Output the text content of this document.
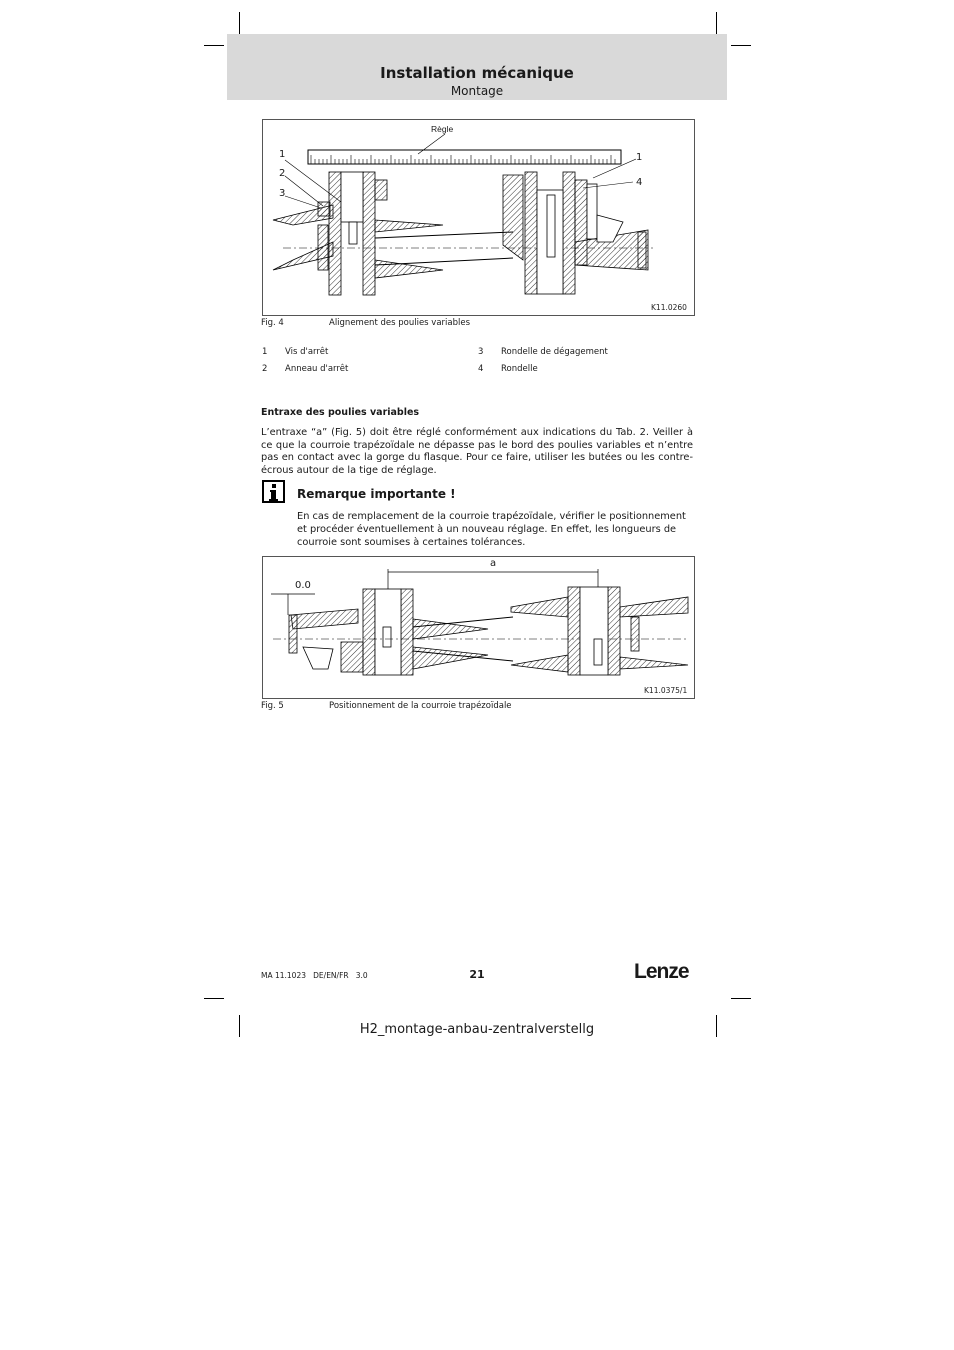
Installation mécanique
Montage
Règle
1
2
3
1
4
K11.0260
Fig. 4	Alignement des poulies variables
1 Vis d'arrêt
2 Anneau d'arrêt
3 Rondelle de dégagement
4 Rondelle
Entraxe des poulies variables
L’entraxe “a” (Fig. 5) doit être réglé conformément aux indications du Tab. 2. Veiller à ce que la courroie trapézoïdale ne dépasse pas le bord des poulies variables et n’entre pas en contact avec la gorge du flasque. Pour ce faire, utiliser les butées ou les contre-écrous autour de la tige de réglage.
Remarque importante !
En cas de remplacement de la courroie trapézoïdale, vérifier le positionnement et procéder éventuellement à un nouveau réglage. En effet, les longueurs de courroie sont soumises à certaines tolérances.
a
0.0
K11.0375/1
Fig. 5	Positionnement de la courroie trapézoïdale
MA 11.1023   DE/EN/FR   3.0	21	Lenze
H2_montage-anbau-zentralverstellg
